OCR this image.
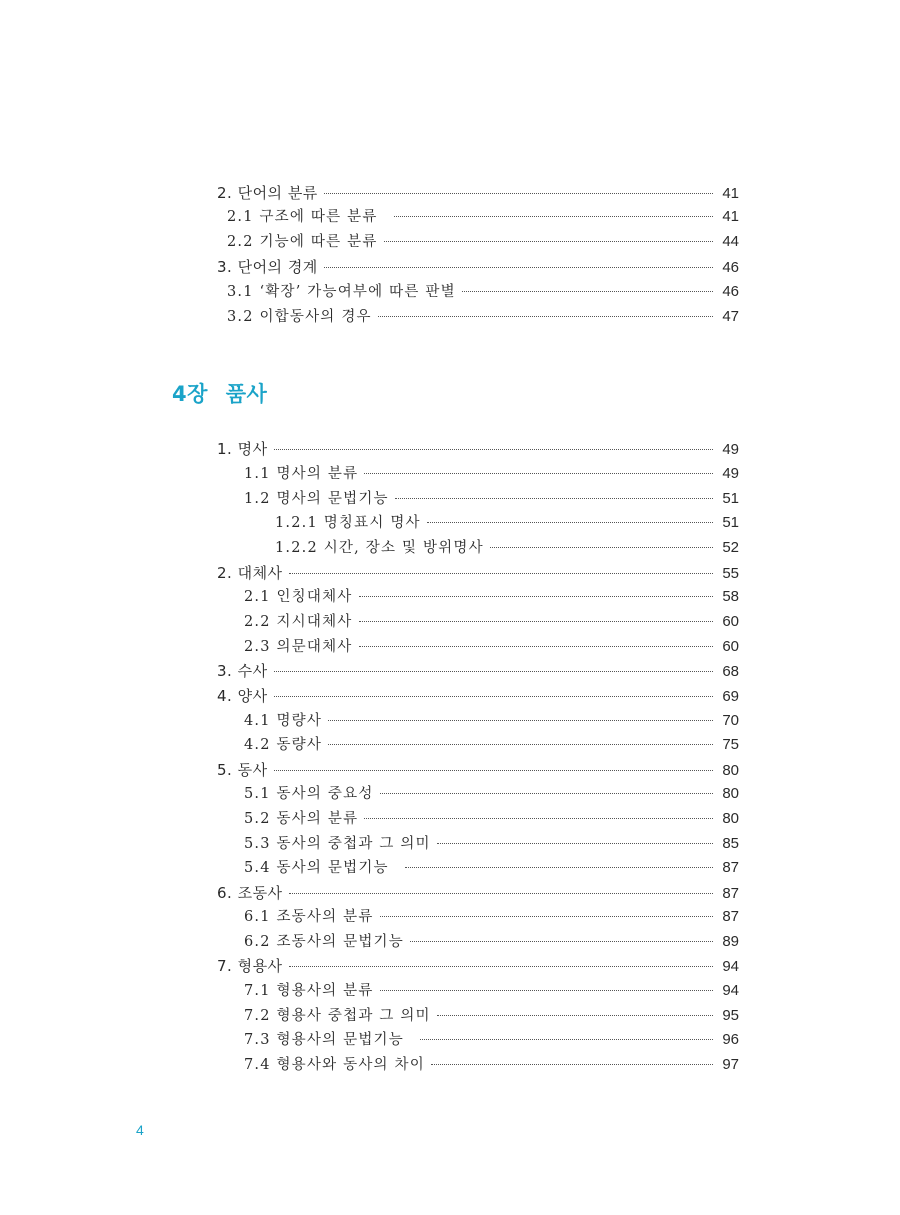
2. 단어의 분류	41
2.1 구조에 따른 분류	41
2.2 기능에 따른 분류	44
3. 단어의 경계	46
3.1 ‘확장’ 가능여부에 따른 판별	46
3.2 이합동사의 경우	47
4장 품사
1. 명사	49
1.1 명사의 분류	49
1.2 명사의 문법기능	51
1.2.1 명칭표시 명사	51
1.2.2 시간, 장소 및 방위명사	52
2. 대체사	55
2.1 인칭대체사	58
2.2 지시대체사	60
2.3 의문대체사	60
3. 수사	68
4. 양사	69
4.1 명량사	70
4.2 동량사	75
5. 동사	80
5.1 동사의 중요성	80
5.2 동사의 분류	80
5.3 동사의 중첩과 그 의미	85
5.4 동사의 문법기능	87
6. 조동사	87
6.1 조동사의 분류	87
6.2 조동사의 문법기능	89
7. 형용사	94
7.1 형용사의 분류	94
7.2 형용사 중첩과 그 의미	95
7.3 형용사의 문법기능	96
7.4 형용사와 동사의 차이	97
4
